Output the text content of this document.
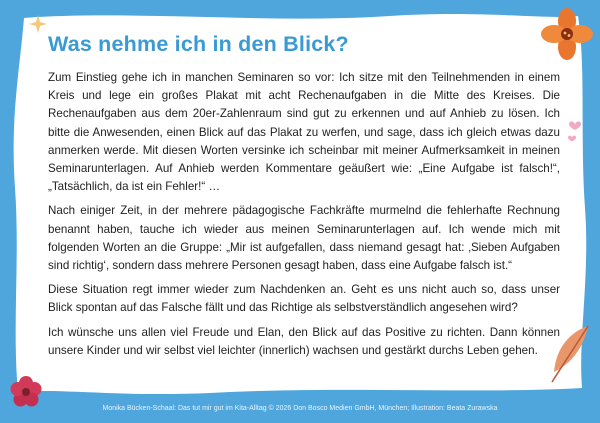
Was nehme ich in den Blick?

Zum Einstieg gehe ich in manchen Seminaren so vor: Ich sitze mit den Teilnehmenden in einem Kreis und lege ein großes Plakat mit acht Rechenaufgaben in die Mitte des Kreises. Die Rechenaufgaben aus dem 20er-Zahlenraum sind gut zu erkennen und auf Anhieb zu lösen. Ich bitte die Anwesenden, einen Blick auf das Plakat zu werfen, und sage, dass ich gleich etwas dazu anmerken werde. Mit diesen Worten versinke ich scheinbar mit meiner Aufmerksamkeit in meinen Seminarunterlagen. Auf Anhieb werden Kommentare geäußert wie: „Eine Aufgabe ist falsch!“, „Tatsächlich, da ist ein Fehler!“ …

Nach einiger Zeit, in der mehrere pädagogische Fachkräfte murmelnd die fehlerhafte Rechnung benannt haben, tauche ich wieder aus meinen Seminarunterlagen auf. Ich wende mich mit folgenden Worten an die Gruppe: „Mir ist aufgefallen, dass niemand gesagt hat: ‚Sieben Aufgaben sind richtig‘, sondern dass mehrere Personen gesagt haben, dass eine Aufgabe falsch ist.“

Diese Situation regt immer wieder zum Nachdenken an. Geht es uns nicht auch so, dass unser Blick spontan auf das Falsche fällt und das Richtige als selbstverständlich angesehen wird?

Ich wünsche uns allen viel Freude und Elan, den Blick auf das Positive zu richten. Dann können unsere Kinder und wir selbst viel leichter (innerlich) wachsen und gestärkt durchs Leben gehen.

Monika Bücken-Schaal: Das tut mir gut im Kita-Alltag © 2026 Don Bosco Medien GmbH, München; Illustration: Beata Zurawska
